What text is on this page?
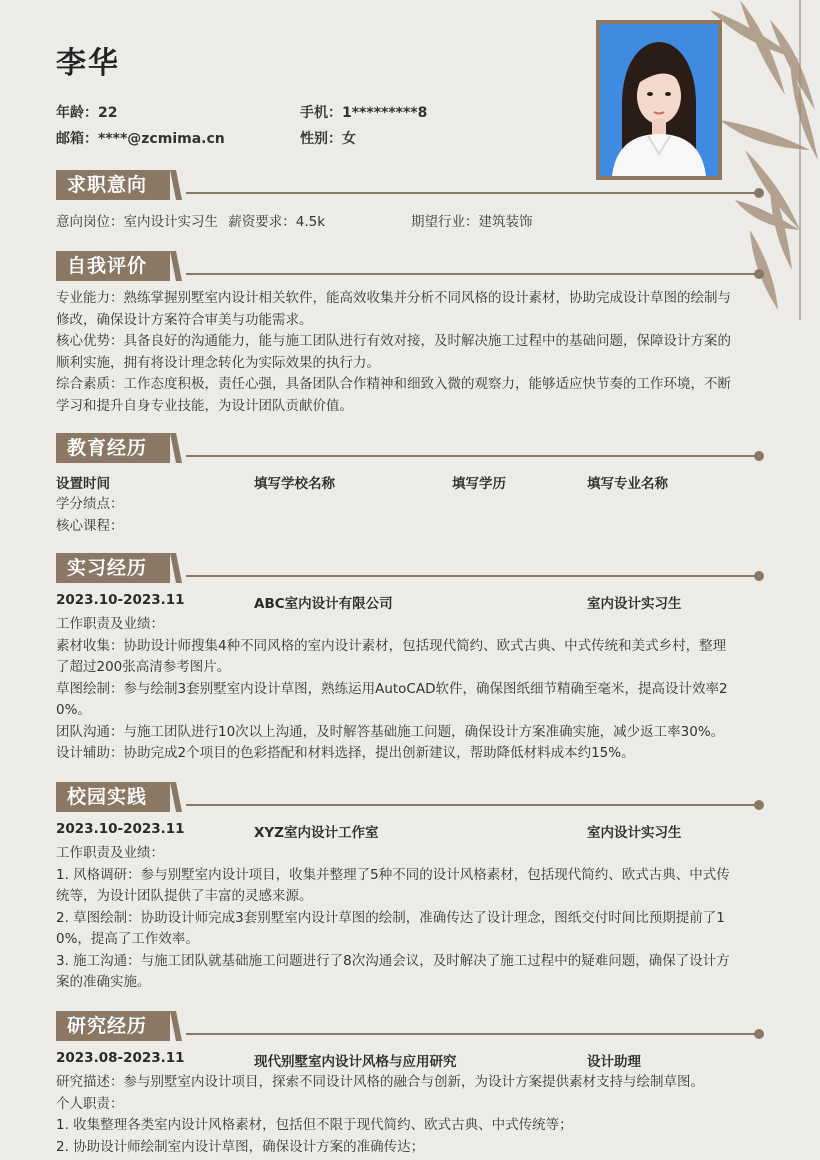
李华
年龄：22	手机：1*********8
邮箱：****@zcmima.cn	性别：女
求职意向
意向岗位：室内设计实习生 薪资要求：4.5k	期望行业：建筑装饰
自我评价
专业能力：熟练掌握别墅室内设计相关软件，能高效收集并分析不同风格的设计素材，协助完成设计草图的绘制与
修改，确保设计方案符合审美与功能需求。
核心优势：具备良好的沟通能力，能与施工团队进行有效对接，及时解决施工过程中的基础问题，保障设计方案的
顺利实施，拥有将设计理念转化为实际效果的执行力。
综合素质：工作态度积极，责任心强，具备团队合作精神和细致入微的观察力，能够适应快节奏的工作环境，不断
学习和提升自身专业技能，为设计团队贡献价值。
教育经历
设置时间	填写学校名称	填写学历	填写专业名称
学分绩点：
核心课程：
实习经历
2023.10-2023.11	ABC室内设计有限公司	室内设计实习生
工作职责及业绩：
素材收集：协助设计师搜集4种不同风格的室内设计素材，包括现代简约、欧式古典、中式传统和美式乡村，整理
了超过200张高清参考图片。
草图绘制：参与绘制3套别墅室内设计草图，熟练运用AutoCAD软件，确保图纸细节精确至毫米，提高设计效率2
0%。
团队沟通：与施工团队进行10次以上沟通，及时解答基础施工问题，确保设计方案准确实施，减少返工率30%。
设计辅助：协助完成2个项目的色彩搭配和材料选择，提出创新建议，帮助降低材料成本约15%。
校园实践
2023.10-2023.11	XYZ室内设计工作室	室内设计实习生
工作职责及业绩：
1. 风格调研：参与别墅室内设计项目，收集并整理了5种不同的设计风格素材，包括现代简约、欧式古典、中式传
统等，为设计团队提供了丰富的灵感来源。
2. 草图绘制：协助设计师完成3套别墅室内设计草图的绘制，准确传达了设计理念，图纸交付时间比预期提前了1
0%，提高了工作效率。
3. 施工沟通：与施工团队就基础施工问题进行了8次沟通会议，及时解决了施工过程中的疑难问题，确保了设计方
案的准确实施。
研究经历
2023.08-2023.11	现代别墅室内设计风格与应用研究	设计助理
研究描述：参与别墅室内设计项目，探索不同设计风格的融合与创新，为设计方案提供素材支持与绘制草图。
个人职责：
1. 收集整理各类室内设计风格素材，包括但不限于现代简约、欧式古典、中式传统等；
2. 协助设计师绘制室内设计草图，确保设计方案的准确传达；
